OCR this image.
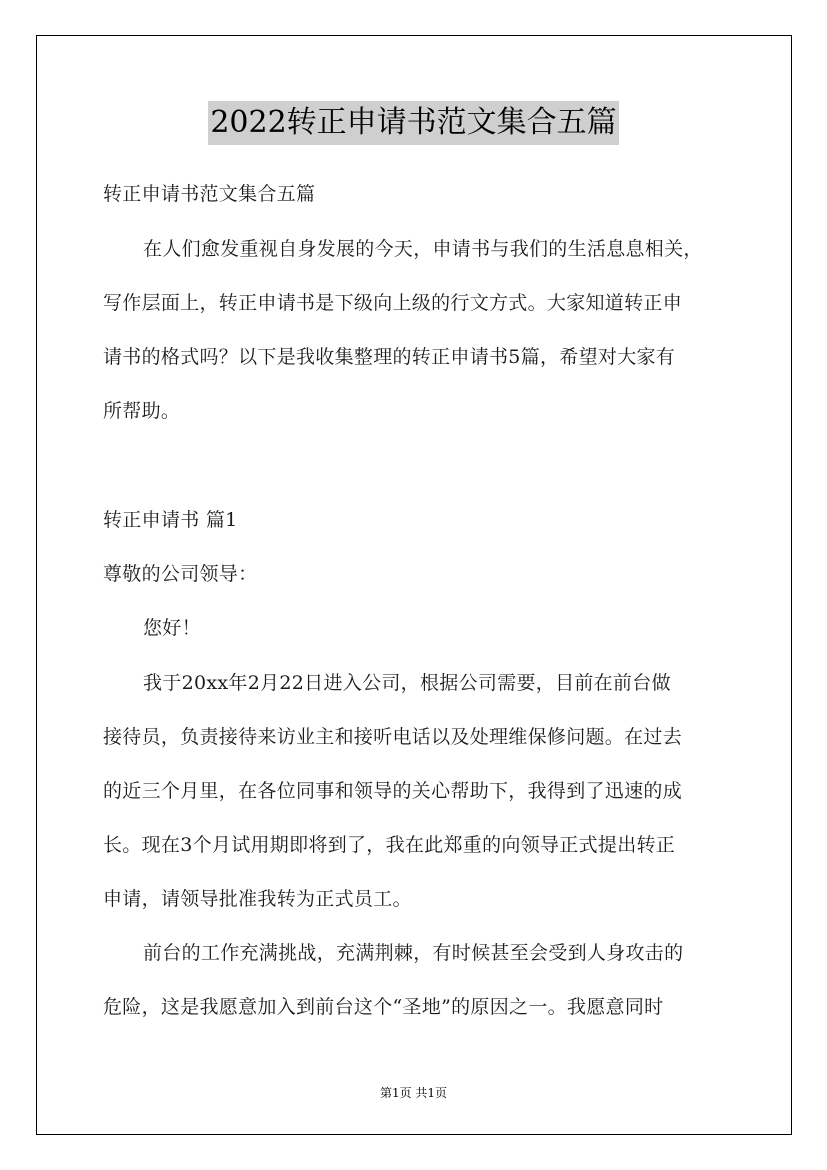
2022转正申请书范文集合五篇
转正申请书范文集合五篇
在人们愈发重视自身发展的今天，申请书与我们的生活息息相关，
写作层面上，转正申请书是下级向上级的行文方式。大家知道转正申
请书的格式吗？以下是我收集整理的转正申请书5篇，希望对大家有
所帮助。
转正申请书 篇1
尊敬的公司领导：
您好！
我于20xx年2月22日进入公司，根据公司需要，目前在前台做
接待员，负责接待来访业主和接听电话以及处理维保修问题。在过去
的近三个月里，在各位同事和领导的关心帮助下，我得到了迅速的成
长。现在3个月试用期即将到了，我在此郑重的向领导正式提出转正
申请，请领导批准我转为正式员工。
前台的工作充满挑战，充满荆棘，有时候甚至会受到人身攻击的
危险，这是我愿意加入到前台这个“圣地”的原因之一。我愿意同时
第1页 共1页
